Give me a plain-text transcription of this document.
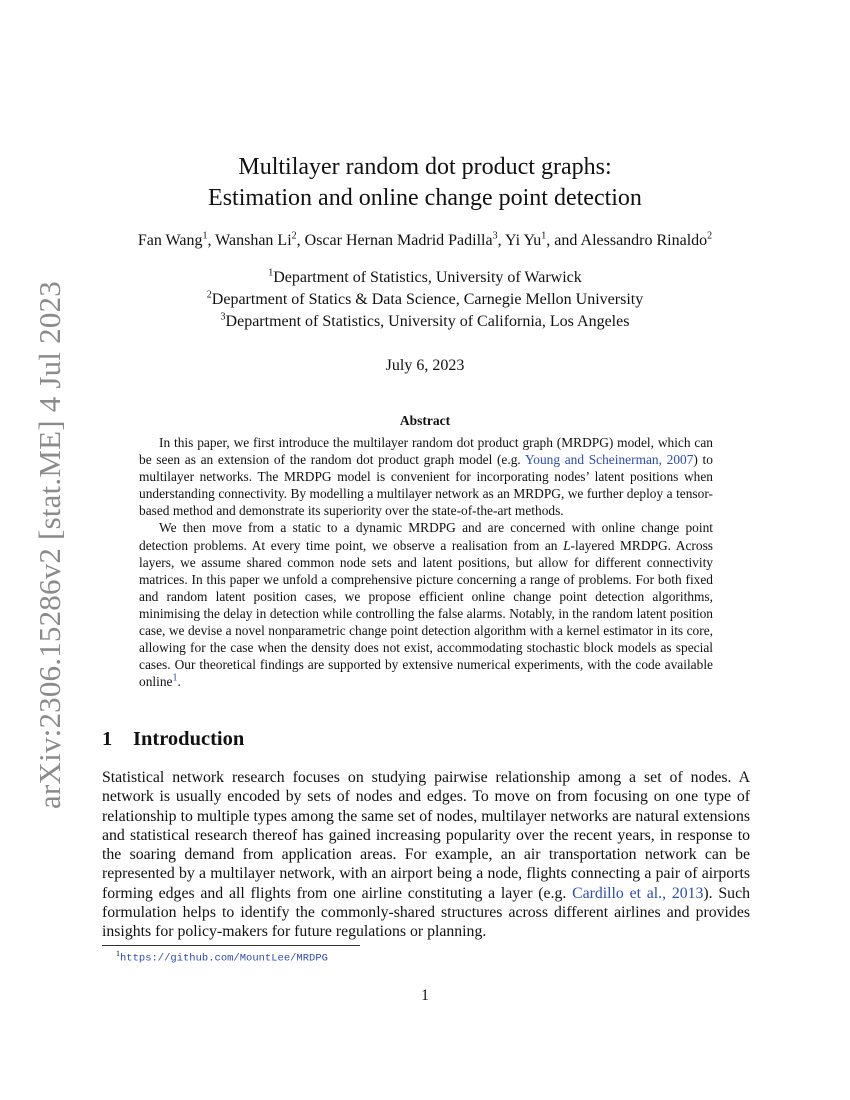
arXiv:2306.15286v2 [stat.ME] 4 Jul 2023
Multilayer random dot product graphs:
Estimation and online change point detection
Fan Wang$^1$, Wanshan Li$^2$, Oscar Hernan Madrid Padilla$^3$, Yi Yu$^1$, and Alessandro Rinaldo$^2$
$^1$Department of Statistics, University of Warwick
$^2$Department of Statics & Data Science, Carnegie Mellon University
$^3$Department of Statistics, University of California, Los Angeles
July 6, 2023
Abstract

In this paper, we first introduce the multilayer random dot product graph (MRDPG) model, which can be seen as an extension of the random dot product graph model (e.g. Young and Scheinerman, 2007) to multilayer networks. The MRDPG model is convenient for incorporating nodes’ latent positions when understanding connectivity. By modelling a multilayer network as an MRDPG, we further deploy a tensor-based method and demonstrate its superiority over the state-of-the-art methods.

We then move from a static to a dynamic MRDPG and are concerned with online change point detection problems. At every time point, we observe a realisation from an L-layered MRDPG. Across layers, we assume shared common node sets and latent positions, but allow for different connectivity matrices. In this paper we unfold a comprehensive picture concerning a range of problems. For both fixed and random latent position cases, we propose efficient online change point detection algorithms, minimising the delay in detection while controlling the false alarms. Notably, in the random latent position case, we devise a novel nonparametric change point detection algorithm with a kernel estimator in its core, allowing for the case when the density does not exist, accommodating stochastic block models as special cases. Our theoretical findings are supported by extensive numerical experiments, with the code available online$^1$.

1 Introduction

Statistical network research focuses on studying pairwise relationship among a set of nodes. A network is usually encoded by sets of nodes and edges. To move on from focusing on one type of relationship to multiple types among the same set of nodes, multilayer networks are natural extensions and statistical research thereof has gained increasing popularity over the recent years, in response to the soaring demand from application areas. For example, an air transportation network can be represented by a multilayer network, with an airport being a node, flights connecting a pair of airports forming edges and all flights from one airline constituting a layer (e.g. Cardillo et al., 2013). Such formulation helps to identify the commonly-shared structures across different airlines and provides insights for policy-makers for future regulations or planning.

$^1$https://github.com/MountLee/MRDPG
1
